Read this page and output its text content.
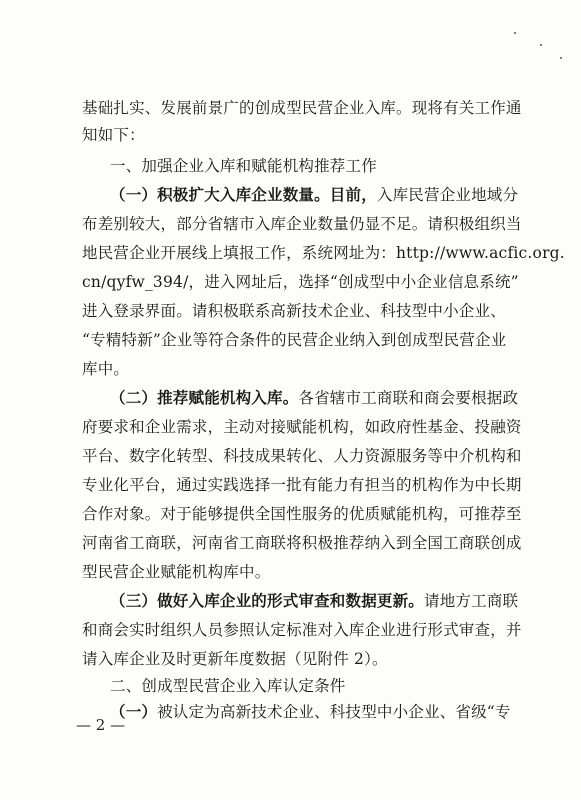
基础扎实、发展前景广的创成型民营企业入库。现将有关工作通
知如下：
一、加强企业入库和赋能机构推荐工作
（一）积极扩大入库企业数量。目前，入库民营企业地域分
布差别较大，部分省辖市入库企业数量仍显不足。请积极组织当
地民营企业开展线上填报工作，系统网址为：http://www.acfic.org.
cn/qyfw_394/，进入网址后，选择“创成型中小企业信息系统”
进入登录界面。请积极联系高新技术企业、科技型中小企业、
“专精特新”企业等符合条件的民营企业纳入到创成型民营企业
库中。
（二）推荐赋能机构入库。各省辖市工商联和商会要根据政
府要求和企业需求，主动对接赋能机构，如政府性基金、投融资
平台、数字化转型、科技成果转化、人力资源服务等中介机构和
专业化平台，通过实践选择一批有能力有担当的机构作为中长期
合作对象。对于能够提供全国性服务的优质赋能机构，可推荐至
河南省工商联，河南省工商联将积极推荐纳入到全国工商联创成
型民营企业赋能机构库中。
（三）做好入库企业的形式审查和数据更新。请地方工商联
和商会实时组织人员参照认定标准对入库企业进行形式审查，并
请入库企业及时更新年度数据（见附件 2）。
二、创成型民营企业入库认定条件
（一）被认定为高新技术企业、科技型中小企业、省级“专
— 2 —
